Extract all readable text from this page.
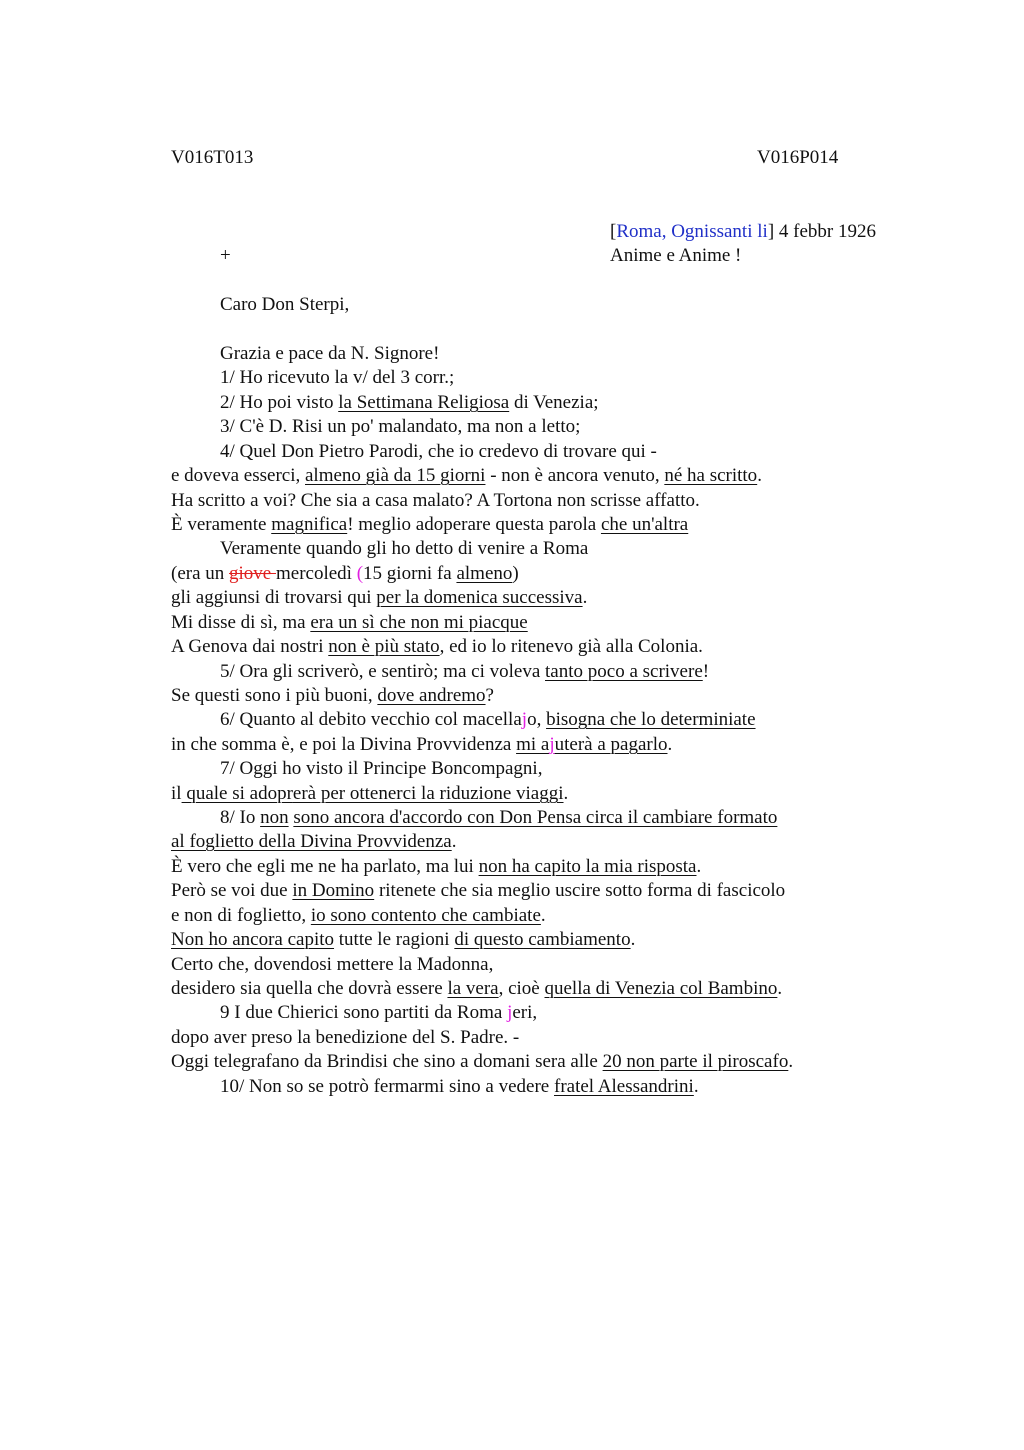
V016T013	V016P014
[Roma, Ognissanti li] 4 febbr 1926
+	Anime e Anime !
Caro Don Sterpi,
Grazia e pace da N. Signore!
1/ Ho ricevuto la v/ del 3 corr.;
2/ Ho poi visto la Settimana Religiosa di Venezia;
3/ C'è D. Risi un po' malandato, ma non a letto;
4/ Quel Don Pietro Parodi, che io credevo di trovare qui -
e doveva esserci, almeno già da 15 giorni - non è ancora venuto, né ha scritto.
Ha scritto a voi? Che sia a casa malato? A Tortona non scrisse affatto.
È veramente magnifica! meglio adoperare questa parola che un'altra
Veramente quando gli ho detto di venire a Roma
(era un giove mercoledì (15 giorni fa almeno)
gli aggiunsi di trovarsi qui per la domenica successiva.
Mi disse di sì, ma era un sì che non mi piacque
A Genova dai nostri non è più stato, ed io lo ritenevo già alla Colonia.
5/ Ora gli scriverò, e sentirò; ma ci voleva tanto poco a scrivere!
Se questi sono i più buoni, dove andremo?
6/ Quanto al debito vecchio col macellajo, bisogna che lo determiniate
in che somma è, e poi la Divina Provvidenza mi ajuterà a pagarlo.
7/ Oggi ho visto il Principe Boncompagni,
il quale si adoprerà per ottenerci la riduzione viaggi.
8/ Io non sono ancora d'accordo con Don Pensa circa il cambiare formato
al foglietto della Divina Provvidenza.
È vero che egli me ne ha parlato, ma lui non ha capito la mia risposta.
Però se voi due in Domino ritenete che sia meglio uscire sotto forma di fascicolo
e non di foglietto, io sono contento che cambiate.
Non ho ancora capito tutte le ragioni di questo cambiamento.
Certo che, dovendosi mettere la Madonna,
desidero sia quella che dovrà essere la vera, cioè quella di Venezia col Bambino.
9 I due Chierici sono partiti da Roma jeri,
dopo aver preso la benedizione del S. Padre. -
Oggi telegrafano da Brindisi che sino a domani sera alle 20 non parte il piroscafo.
10/ Non so se potrò fermarmi sino a vedere fratel Alessandrini.
